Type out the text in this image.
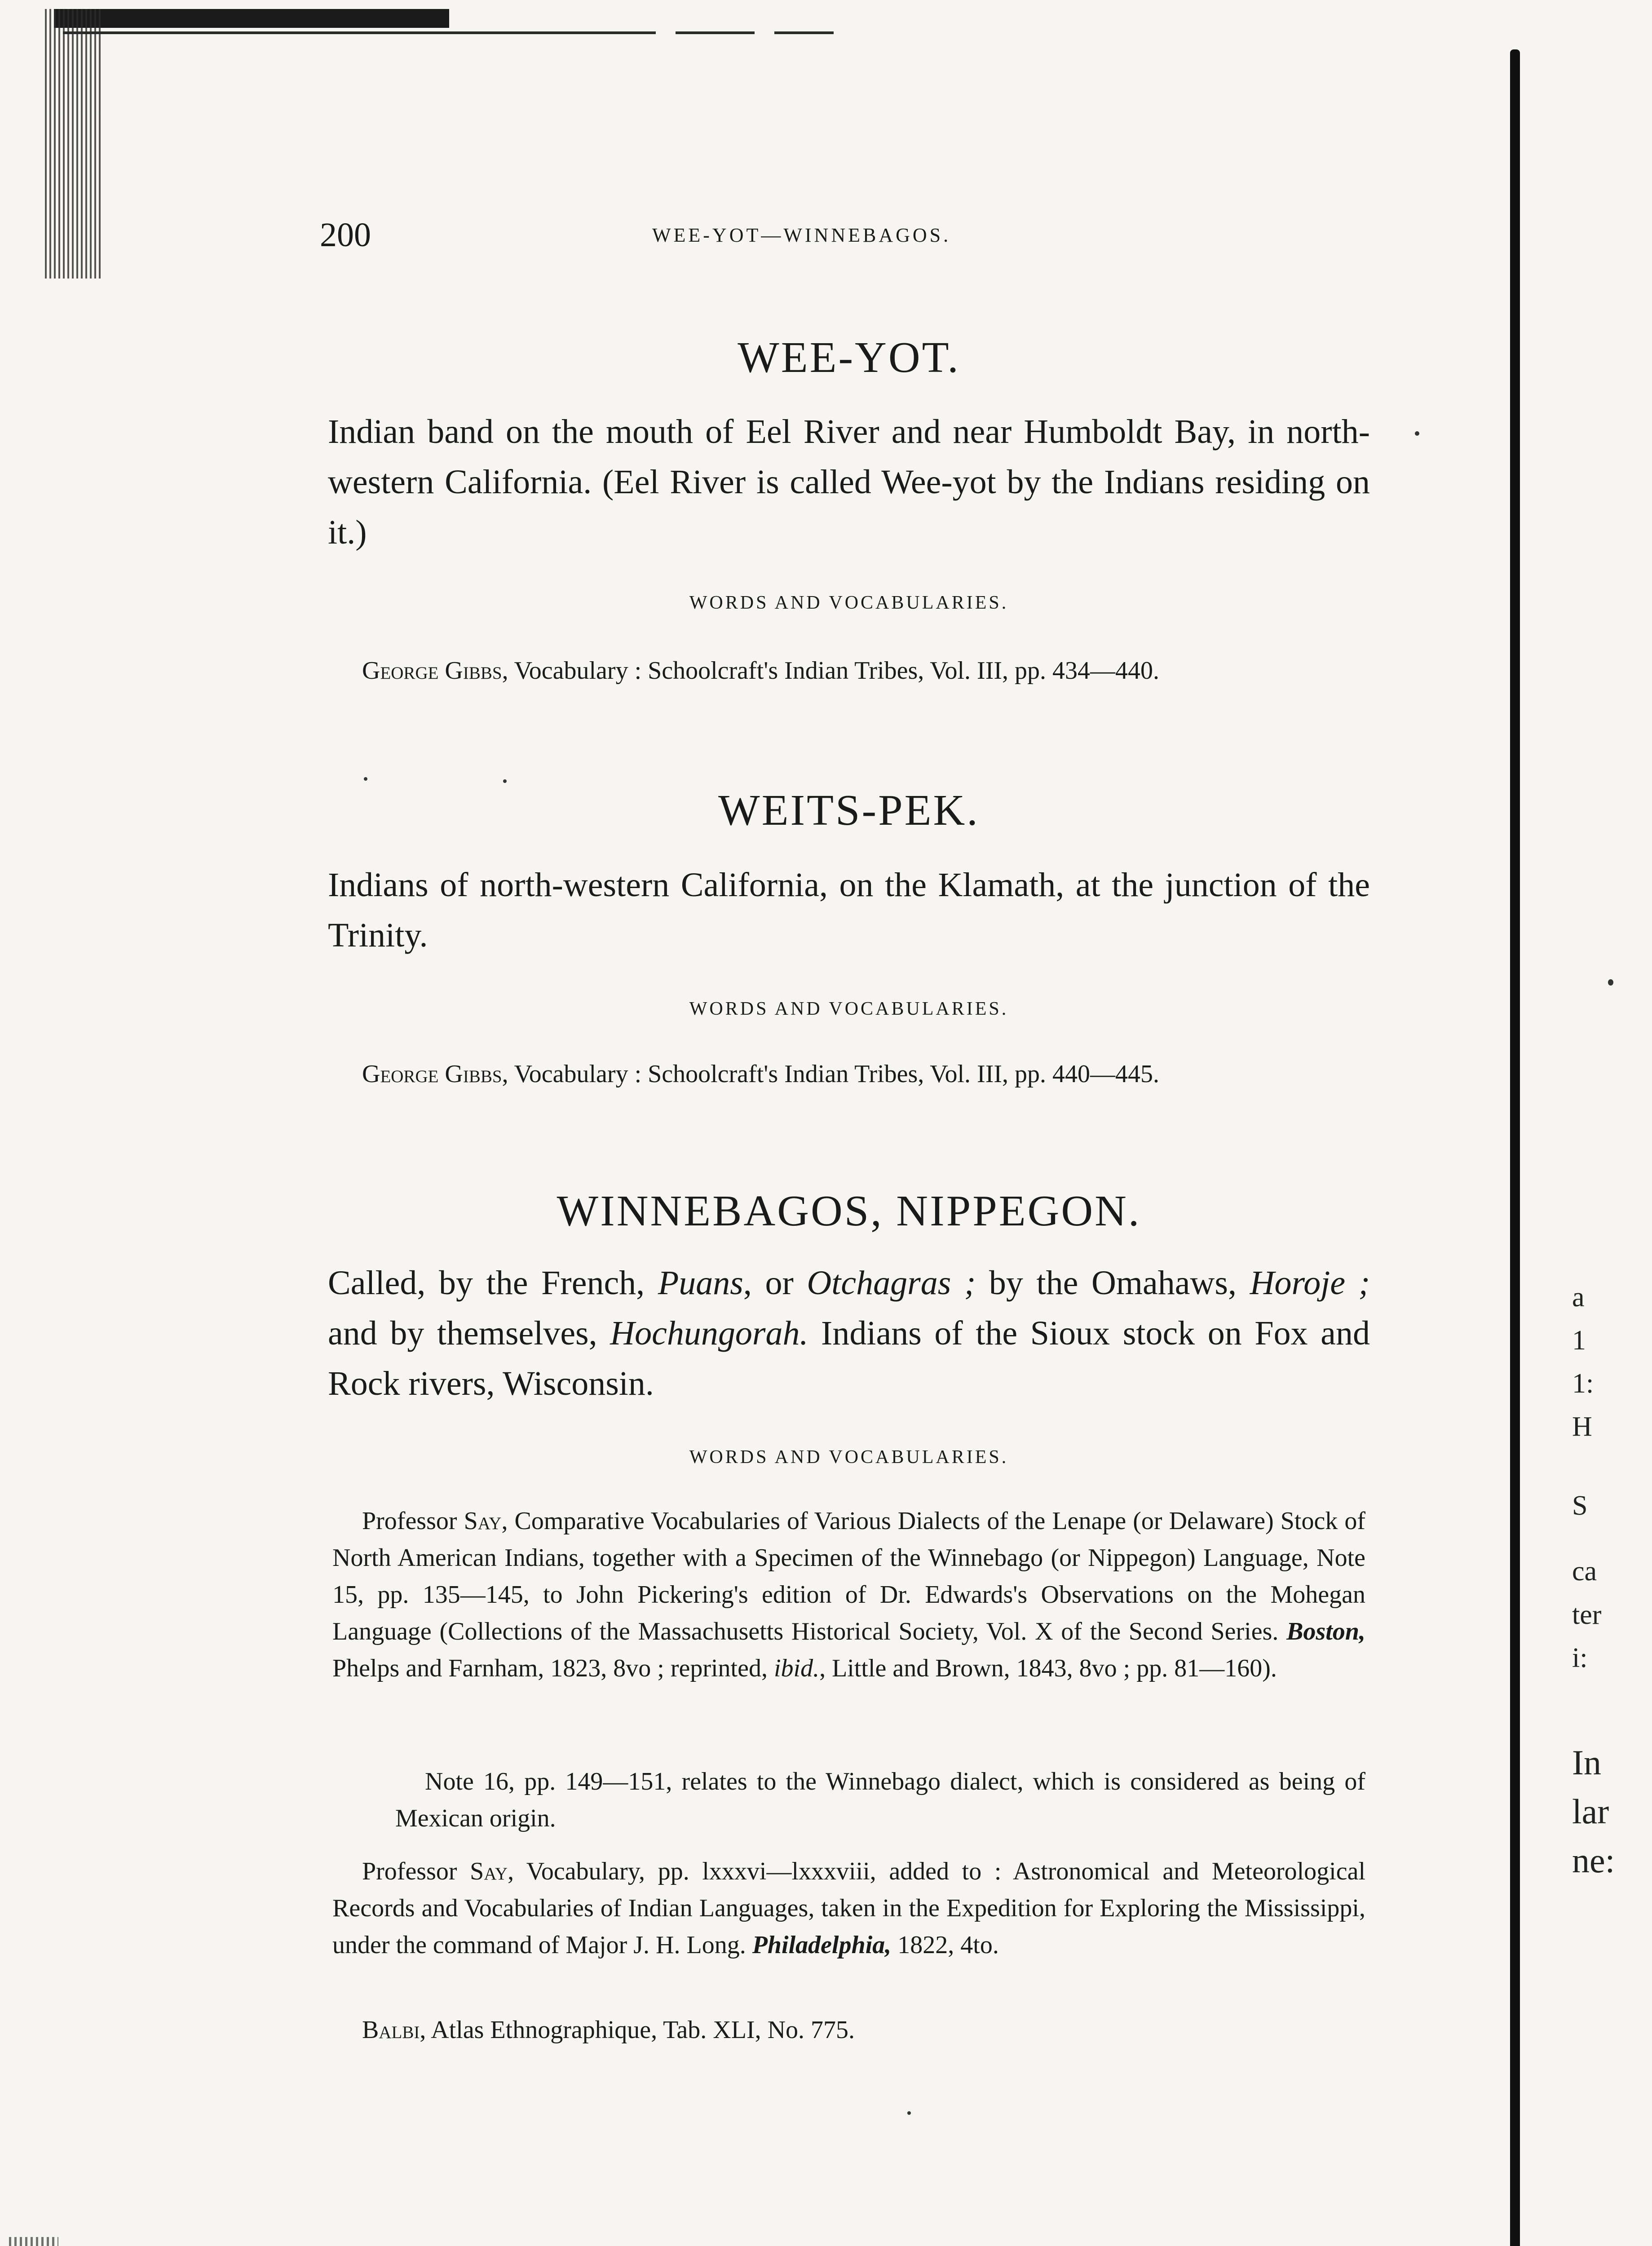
a
1
1:
H
S
ca
ter
i:
In
lar
ne:
200	WEE-YOT—WINNEBAGOS.
WEE-YOT.

Indian band on the mouth of Eel River and near Humboldt Bay, in north-western California. (Eel River is called Wee-yot by the Indians residing on it.)

WORDS AND VOCABULARIES.

George Gibbs, Vocabulary : Schoolcraft's Indian Tribes, Vol. III, pp. 434—440.

WEITS-PEK.

Indians of north-western California, on the Klamath, at the junction of the Trinity.

WORDS AND VOCABULARIES.

George Gibbs, Vocabulary : Schoolcraft's Indian Tribes, Vol. III, pp. 440—445.

WINNEBAGOS, NIPPEGON.

Called, by the French, Puans, or Otchagras ; by the Omahaws, Horoje ; and by themselves, Hochungorah. Indians of the Sioux stock on Fox and Rock rivers, Wisconsin.

WORDS AND VOCABULARIES.

Professor Say, Comparative Vocabularies of Various Dialects of the Lenape (or Delaware) Stock of North American Indians, together with a Specimen of the Winnebago (or Nippegon) Language, Note 15, pp. 135—145, to John Pickering's edition of Dr. Edwards's Observations on the Mohegan Language (Collections of the Massachusetts Historical Society, Vol. X of the Second Series. Boston, Phelps and Farnham, 1823, 8vo ; reprinted, ibid., Little and Brown, 1843, 8vo ; pp. 81—160).

Note 16, pp. 149—151, relates to the Winnebago dialect, which is considered as being of Mexican origin.

Professor Say, Vocabulary, pp. lxxxvi—lxxxviii, added to : Astronomical and Meteorological Records and Vocabularies of Indian Languages, taken in the Expedition for Exploring the Mississippi, under the command of Major J. H. Long. Philadelphia, 1822, 4to.

Balbi, Atlas Ethnographique, Tab. XLI, No. 775.
